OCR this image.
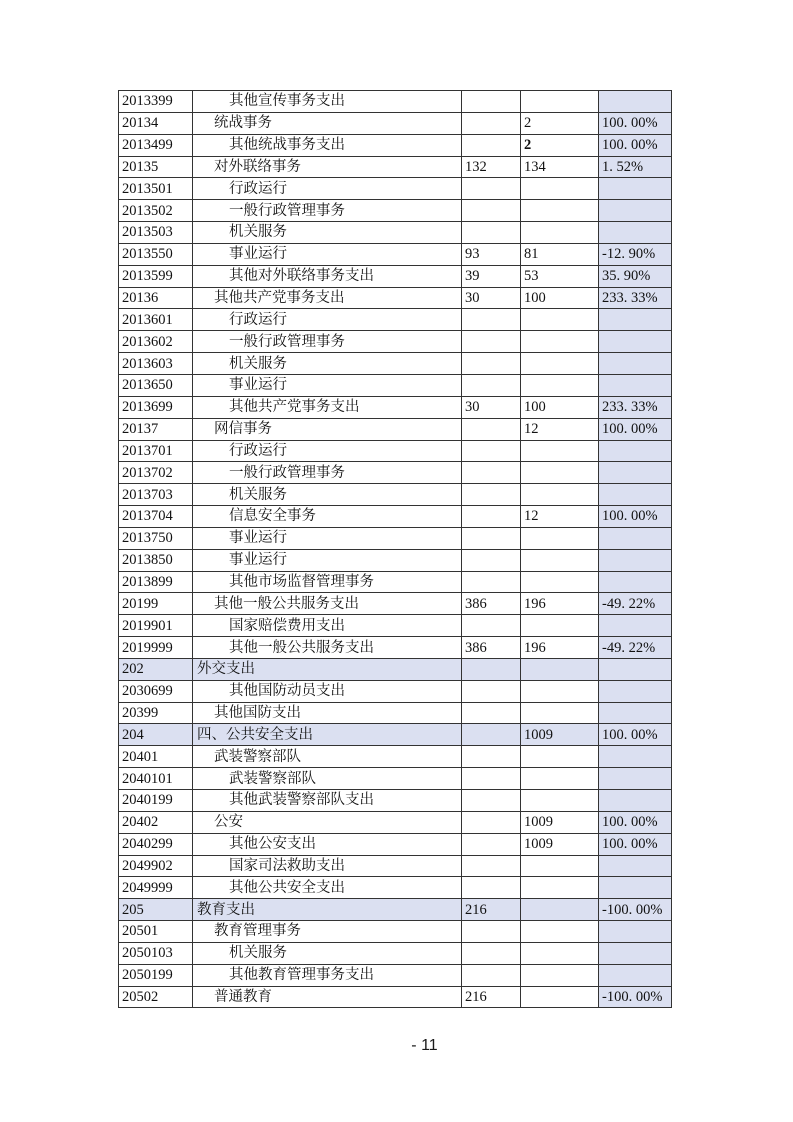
2013399	其他宣传事务支出			
20134	统战事务		2	100. 00%
2013499	其他统战事务支出		2	100. 00%
20135	对外联络事务	132	134	1. 52%
2013501	行政运行			
2013502	一般行政管理事务			
2013503	机关服务			
2013550	事业运行	93	81	-12. 90%
2013599	其他对外联络事务支出	39	53	35. 90%
20136	其他共产党事务支出	30	100	233. 33%
2013601	行政运行			
2013602	一般行政管理事务			
2013603	机关服务			
2013650	事业运行			
2013699	其他共产党事务支出	30	100	233. 33%
20137	网信事务		12	100. 00%
2013701	行政运行			
2013702	一般行政管理事务			
2013703	机关服务			
2013704	信息安全事务		12	100. 00%
2013750	事业运行			
2013850	事业运行			
2013899	其他市场监督管理事务			
20199	其他一般公共服务支出	386	196	-49. 22%
2019901	国家赔偿费用支出			
2019999	其他一般公共服务支出	386	196	-49. 22%
202	外交支出			
2030699	其他国防动员支出			
20399	其他国防支出			
204	四、公共安全支出		1009	100. 00%
20401	武装警察部队			
2040101	武装警察部队			
2040199	其他武装警察部队支出			
20402	公安		1009	100. 00%
2040299	其他公安支出		1009	100. 00%
2049902	国家司法救助支出			
2049999	其他公共安全支出			
205	教育支出	216		-100. 00%
20501	教育管理事务			
2050103	机关服务			
2050199	其他教育管理事务支出			
20502	普通教育	216		-100. 00%
- 11
